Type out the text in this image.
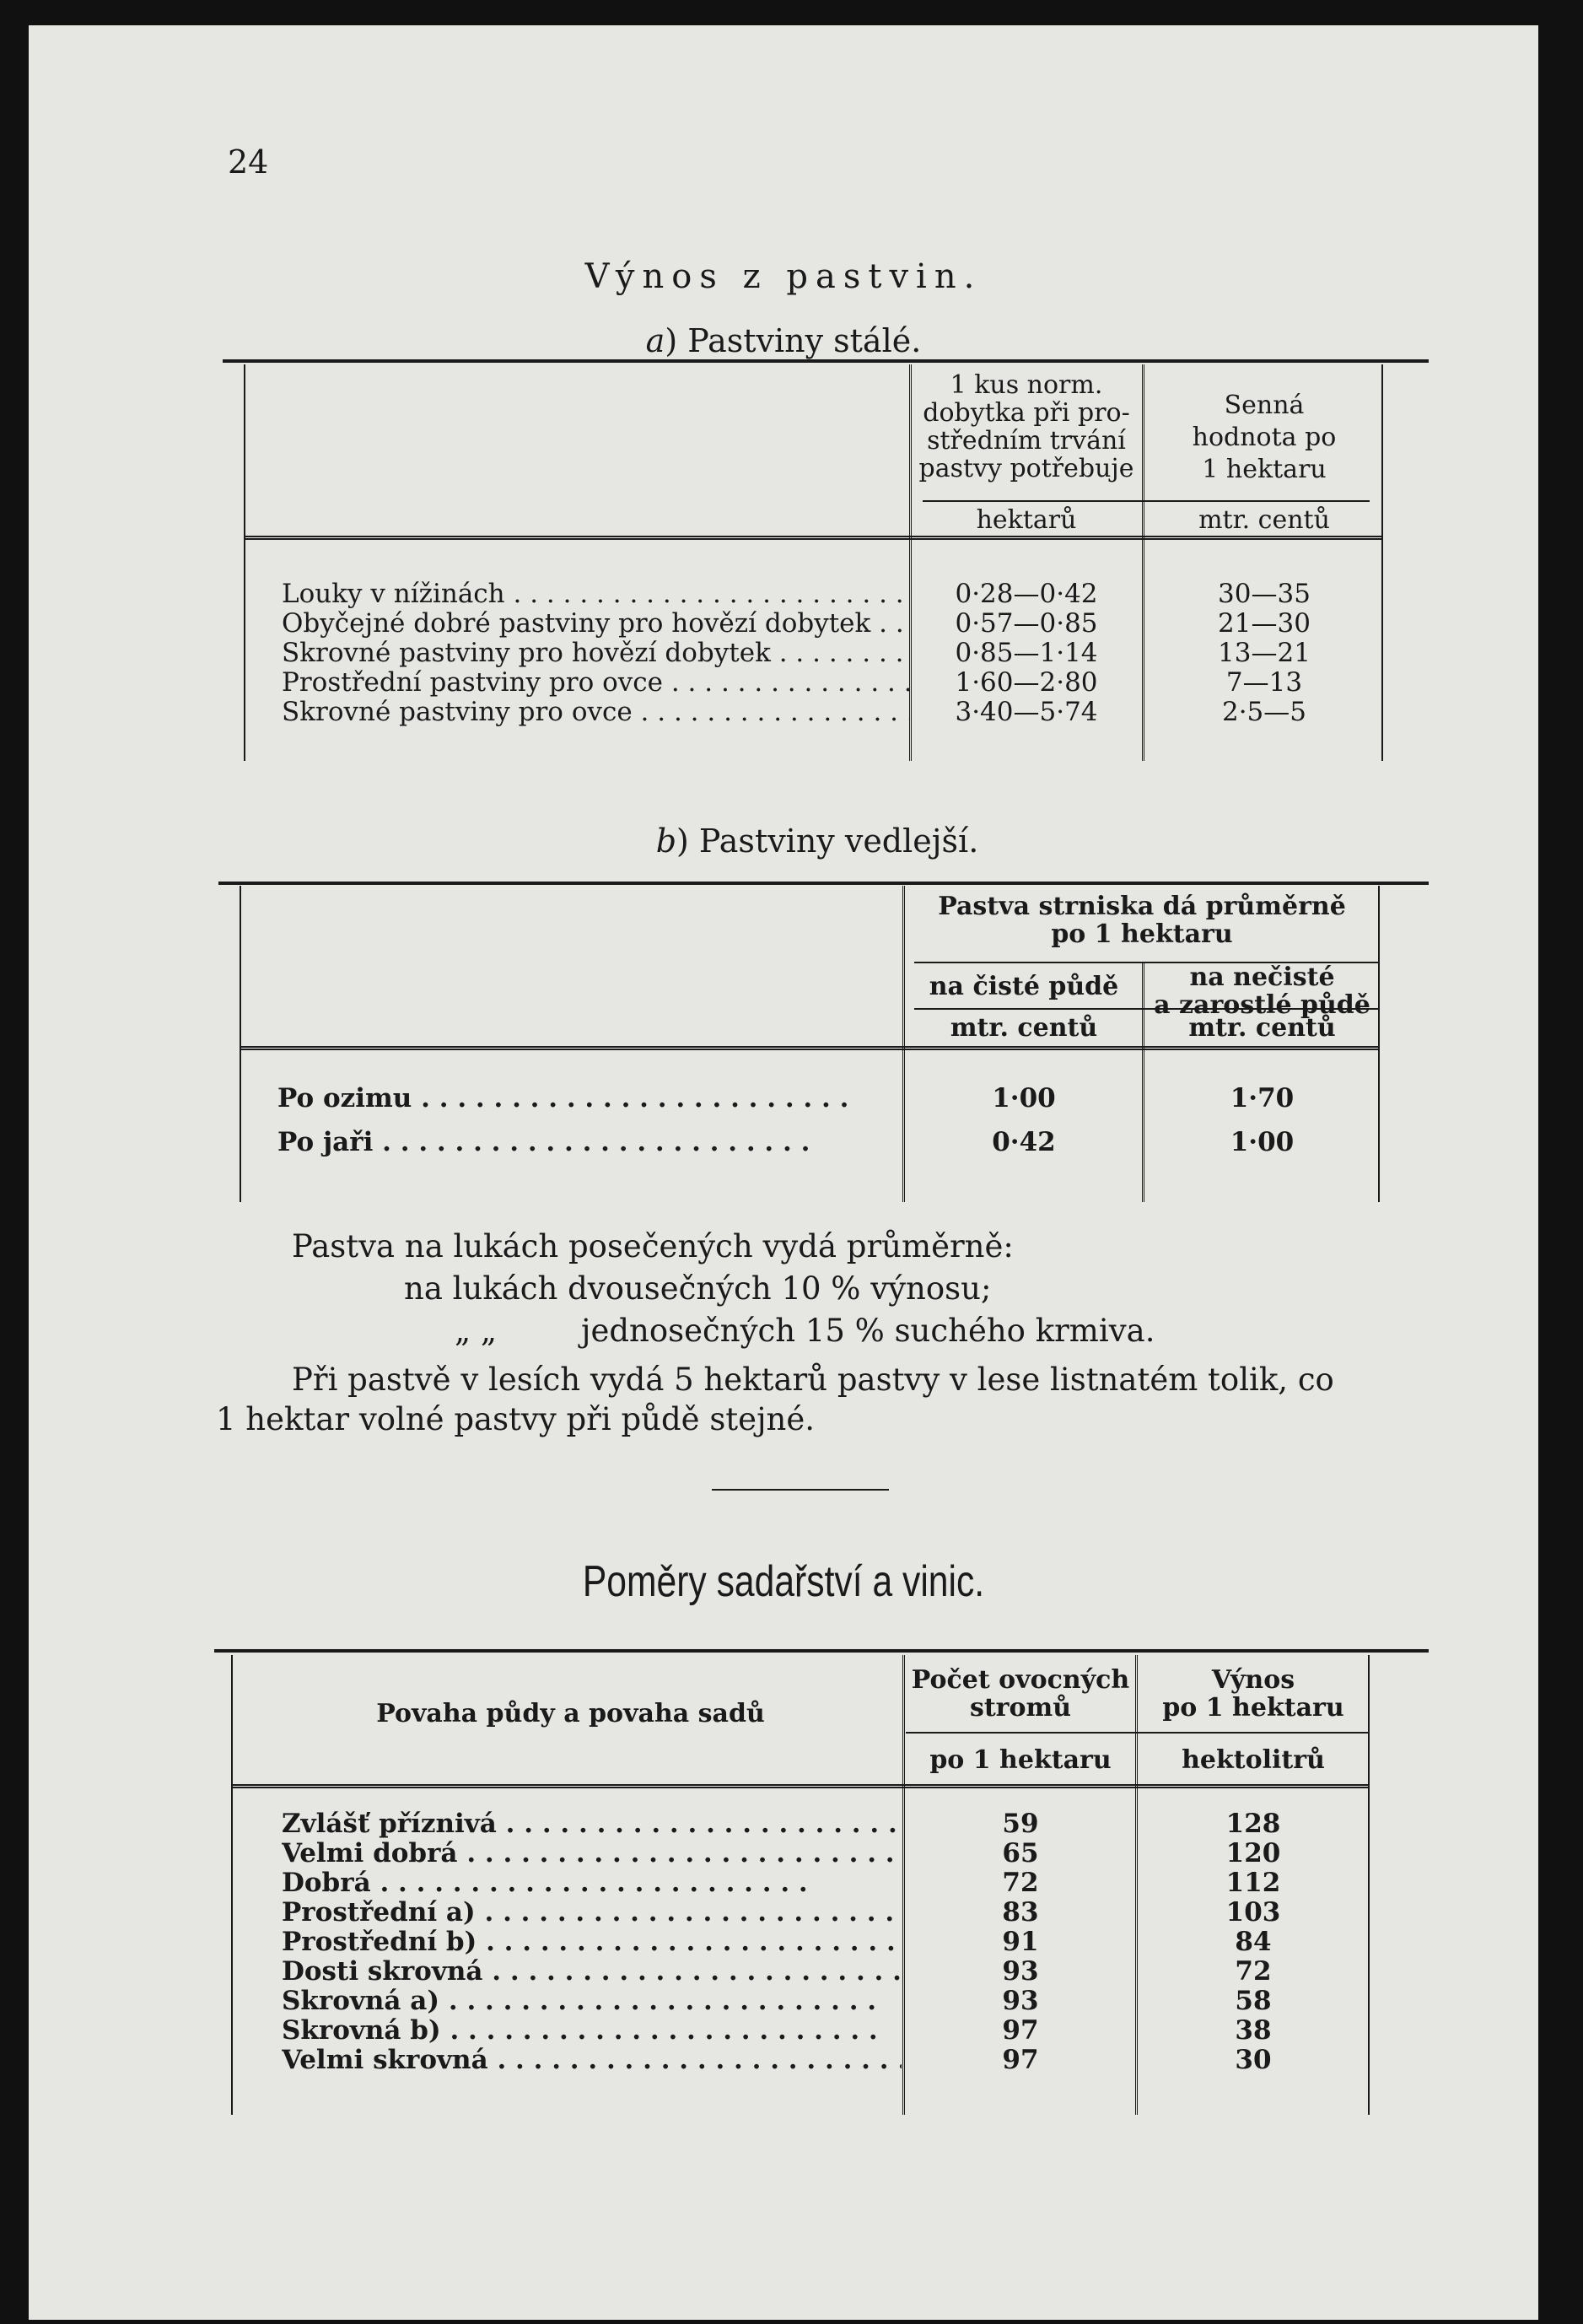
24
Výnos z pastvin.
a) Pastviny stálé.
1 kus norm.
dobytka při pro-
středním trvání
pastvy potřebuje
Senná
hodnota po
1 hektaru
hektarů	mtr. centů
Louky v nížinách . . .	0·28—0·42	30—35
Obyčejné dobré pastviny pro hovězí dobytek . . .	0·57—0·85	21—30
Skrovné pastviny pro hovězí dobytek . . .	0·85—1·14	13—21
Prostřední pastviny pro ovce . . .	1·60—2·80	7—13
Skrovné pastviny pro ovce . . .	3·40—5·74	2·5—5
b) Pastviny vedlejší.
Pastva strniska dá průměrně
po 1 hektaru
na čisté půdě	na nečisté
a zarostlé půdě
mtr. centů	mtr. centů
Po ozimu . . .	1·00	1·70
Po jaři . . .	0·42	1·00
Pastva na lukách posečených vydá průměrně:
na lukách dvousečných 10 % výnosu;
„ „	jednosečných 15 % suchého krmiva.
Při pastvě v lesích vydá 5 hektarů pastvy v lese listnatém tolik, co
1 hektar volné pastvy při půdě stejné.
Poměry sadařství a vinic.
Povaha půdy a povaha sadů
Počet ovocných
stromů
Výnos
po 1 hektaru
po 1 hektaru	hektolitrů
Zvlášť příznivá . . .	59	128
Velmi dobrá . . .	65	120
Dobrá . . .	72	112
Prostřední a) . . .	83	103
Prostřední b) . . .	91	84
Dosti skrovná . . .	93	72
Skrovná a) . . .	93	58
Skrovná b) . . .	97	38
Velmi skrovná . . .	97	30
